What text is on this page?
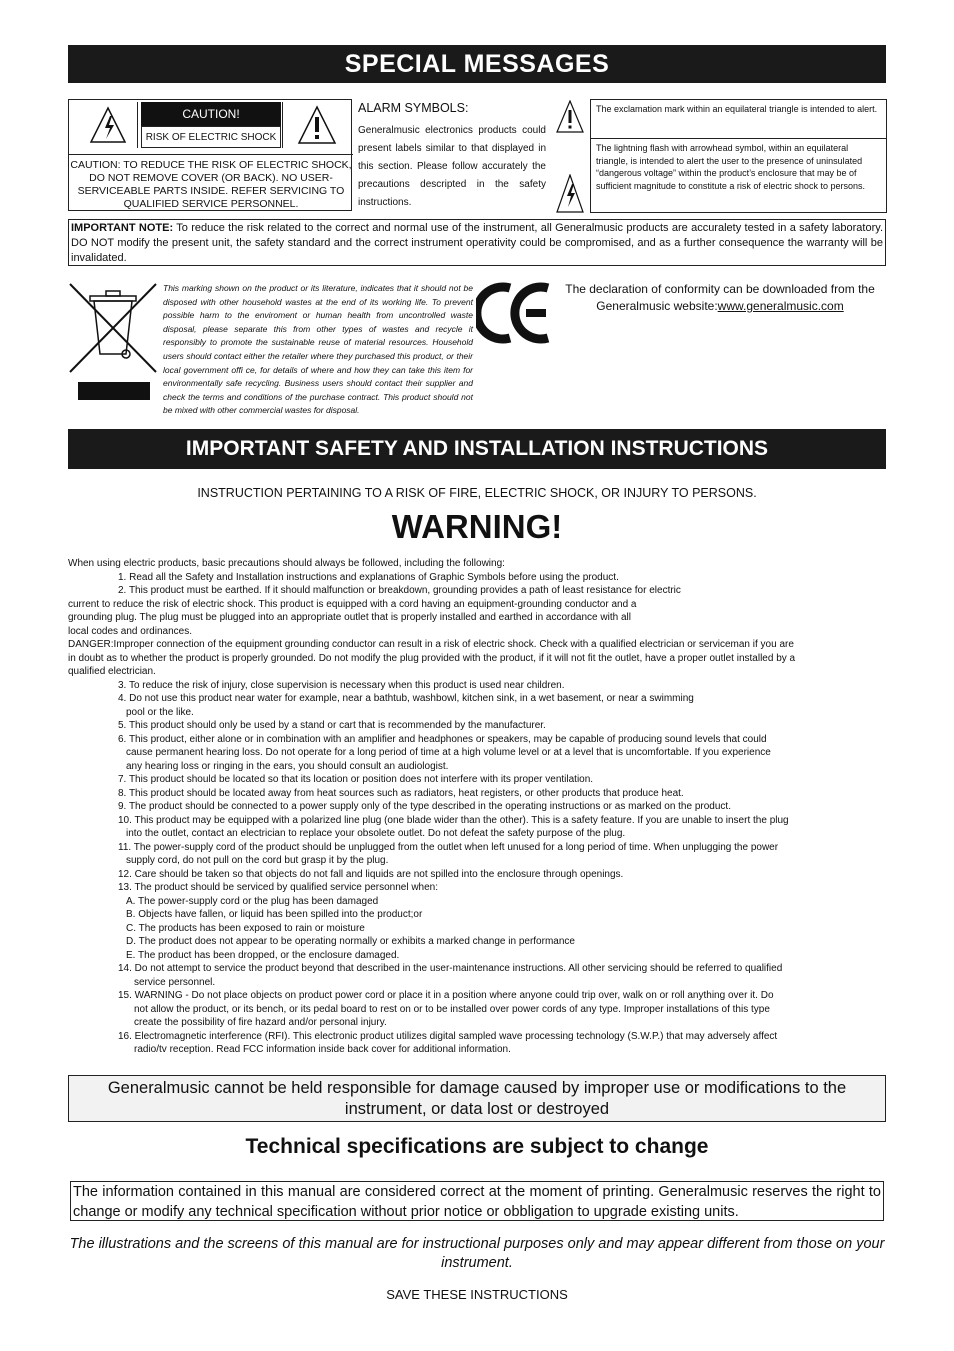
SPECIAL MESSAGES
CAUTION!
RISK OF ELECTRIC SHOCK
CAUTION: TO REDUCE THE RISK OF ELECTRIC SHOCK,
DO NOT REMOVE COVER (OR BACK). NO USER-
SERVICEABLE PARTS INSIDE. REFER SERVICING TO
QUALIFIED SERVICE PERSONNEL.
ALARM SYMBOLS:
Generalmusic electronics products could present labels similar to that displayed in this section. Please follow accurately the precautions descripted in the safety instructions.
The exclamation mark within an equilateral triangle is intended to alert.
The lightning flash with arrowhead symbol, within an equilateral triangle, is intended to alert the user to the presence of uninsulated “dangerous voltage” within the product’s enclosure that may be of sufficient magnitude to constitute a risk of electric shock to persons.
IMPORTANT NOTE: To reduce the risk related to the correct and normal use of the instrument, all Generalmusic products are accuralety tested in a safety laboratory. DO NOT modify the present unit, the safety standard and the correct instrument operativity could be compromised, and as a further consequence the warranty will be invalidated.
This marking shown on the product or its literature, indicates that it should not be disposed with other household wastes at the end of its working life. To prevent possible harm to the enviroment or human health from uncontrolled waste disposal, please separate this from other types of wastes and recycle it responsibly to promote the sustainable reuse of material resources. Household users should contact either the retailer where they purchased this product, or their local government offi ce, for details of where and how they can take this item for environmentally safe recycling. Business users should contact their supplier and check the terms and conditions of the purchase contract. This product should not be mixed with other commercial wastes for disposal.
The declaration of conformity can be downloaded from the Generalmusic website:www.generalmusic.com
IMPORTANT SAFETY AND INSTALLATION INSTRUCTIONS
INSTRUCTION PERTAINING TO A RISK OF FIRE, ELECTRIC SHOCK, OR INJURY TO PERSONS.
WARNING!
When using electric products, basic precautions should always be followed, including the following:
1. Read all the Safety and Installation instructions and explanations of Graphic Symbols before using the product.
2. This product must be earthed. If it should malfunction or breakdown, grounding provides a path of least resistance for electric
current to reduce the risk of electric shock. This product is equipped with a cord having an equipment-grounding conductor and a
grounding plug. The plug must be plugged into an appropriate outlet that is properly installed and earthed in accordance with all
local codes and ordinances.
DANGER:Improper connection of the equipment grounding conductor can result in a risk of electric shock. Check with a qualified electrician or serviceman if you are
in doubt as to whether the product is properly grounded. Do not modify the plug provided with the product, if it will not fit the outlet, have a proper outlet installed by a
qualified electrician.
3. To reduce the risk of injury, close supervision is necessary when this product is used near children.
4. Do not use this product near water for example, near a bathtub, washbowl, kitchen sink, in a wet basement, or near a swimming
pool or the like.
5. This product should only be used by a stand or cart that is recommended by the manufacturer.
6. This product, either alone or in combination with an amplifier and headphones or speakers, may be capable of producing sound levels that could
cause permanent hearing loss. Do not operate for a long period of time at a high volume level or at a level that is uncomfortable. If you experience
any hearing loss or ringing in the ears, you should consult an audiologist.
7. This product should be located so that its location or position does not interfere with its proper ventilation.
8. This product should be located away from heat sources such as radiators, heat registers, or other products that produce heat.
9. The product should be connected to a power supply only of the type described in the operating instructions or as marked on the product.
10. This product may be equipped with a polarized line plug (one blade wider than the other). This is a safety feature. If you are unable to insert the plug
into the outlet, contact an electrician to replace your obsolete outlet. Do not defeat the safety purpose of the plug.
11. The power-supply cord of the product should be unplugged from the outlet when left unused for a long period of time. When unplugging the power
supply cord, do not pull on the cord but grasp it by the plug.
12. Care should be taken so that objects do not fall and liquids are not spilled into the enclosure through openings.
13. The product should be serviced by qualified service personnel when:
A. The power-supply cord or the plug has been damaged
B. Objects have fallen, or liquid has been spilled into the product;or
C. The products has been exposed to rain or moisture
D. The product does not appear to be operating normally or exhibits a marked change in performance
E. The product has been dropped, or the enclosure damaged.
14. Do not attempt to service the product beyond that described in the user-maintenance instructions. All other servicing should be referred to qualified
service personnel.
15. WARNING - Do not place objects on product power cord or place it in a position where anyone could trip over, walk on or roll anything over it. Do
not allow the product, or its bench, or its pedal board to rest on or to be installed over power cords of any type. Improper installations of this type
create the possibility of fire hazard and/or personal injury.
16. Electromagnetic interference (RFI). This electronic product utilizes digital sampled wave processing technology (S.W.P.) that may adversely affect
radio/tv reception. Read FCC information inside back cover for additional information.
Generalmusic cannot be held responsible for damage caused by improper use or modifications to the instrument, or data lost or destroyed
Technical specifications are subject to change
The information contained in this manual are considered correct at the moment of printing. Generalmusic reserves the right to change or modify any technical specification without prior notice or obbligation to upgrade existing units.
The illustrations and the screens of this manual are for instructional purposes only and may appear different from those on your instrument.
SAVE THESE INSTRUCTIONS
